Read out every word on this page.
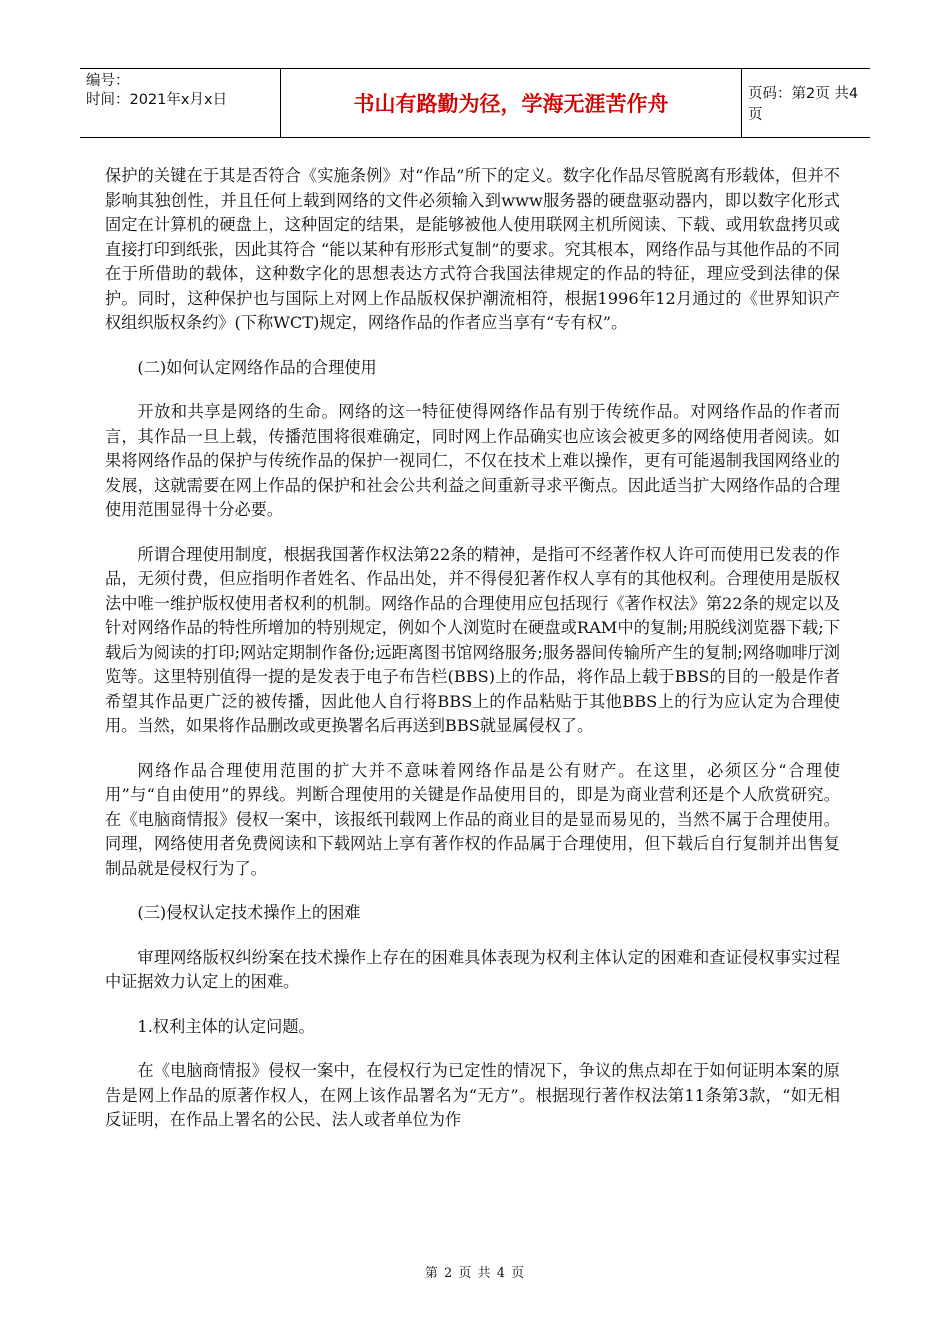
编号：
时间：2021年x月x日	书山有路勤为径，学海无涯苦作舟	页码：第2页 共4页

保护的关键在于其是否符合《实施条例》对“作品”所下的定义。数字化作品尽管脱离有形载体，但并不影响其独创性，并且任何上载到网络的文件必须输入到www服务器的硬盘驱动器内，即以数字化形式固定在计算机的硬盘上，这种固定的结果，是能够被他人使用联网主机所阅读、下载、或用软盘拷贝或直接打印到纸张，因此其符合 “能以某种有形形式复制”的要求。究其根本，网络作品与其他作品的不同在于所借助的载体，这种数字化的思想表达方式符合我国法律规定的作品的特征，理应受到法律的保护。同时，这种保护也与国际上对网上作品版权保护潮流相符，根据1996年12月通过的《世界知识产权组织版权条约》(下称WCT)规定，网络作品的作者应当享有“专有权”。

(二)如何认定网络作品的合理使用

开放和共享是网络的生命。网络的这一特征使得网络作品有别于传统作品。对网络作品的作者而言，其作品一旦上载，传播范围将很难确定，同时网上作品确实也应该会被更多的网络使用者阅读。如果将网络作品的保护与传统作品的保护一视同仁，不仅在技术上难以操作，更有可能遏制我国网络业的发展，这就需要在网上作品的保护和社会公共利益之间重新寻求平衡点。因此适当扩大网络作品的合理使用范围显得十分必要。

所谓合理使用制度，根据我国著作权法第22条的精神，是指可不经著作权人许可而使用已发表的作品，无须付费，但应指明作者姓名、作品出处，并不得侵犯著作权人享有的其他权利。合理使用是版权法中唯一维护版权使用者权利的机制。网络作品的合理使用应包括现行《著作权法》第22条的规定以及针对网络作品的特性所增加的特别规定，例如个人浏览时在硬盘或RAM中的复制;用脱线浏览器下载;下载后为阅读的打印;网站定期制作备份;远距离图书馆网络服务;服务器间传输所产生的复制;网络咖啡厅浏览等。这里特别值得一提的是发表于电子布告栏(BBS)上的作品，将作品上载于BBS的目的一般是作者希望其作品更广泛的被传播，因此他人自行将BBS上的作品粘贴于其他BBS上的行为应认定为合理使用。当然，如果将作品删改或更换署名后再送到BBS就显属侵权了。

网络作品合理使用范围的扩大并不意味着网络作品是公有财产。在这里，必须区分“合理使用”与“自由使用”的界线。判断合理使用的关键是作品使用目的，即是为商业营利还是个人欣赏研究。在《电脑商情报》侵权一案中，该报纸刊载网上作品的商业目的是显而易见的，当然不属于合理使用。同理，网络使用者免费阅读和下载网站上享有著作权的作品属于合理使用，但下载后自行复制并出售复制品就是侵权行为了。

(三)侵权认定技术操作上的困难

审理网络版权纠纷案在技术操作上存在的困难具体表现为权利主体认定的困难和查证侵权事实过程中证据效力认定上的困难。

1.权利主体的认定问题。

在《电脑商情报》侵权一案中，在侵权行为已定性的情况下，争议的焦点却在于如何证明本案的原告是网上作品的原著作权人，在网上该作品署名为“无方”。根据现行著作权法第11条第3款，“如无相反证明，在作品上署名的公民、法人或者单位为作

第 2 页 共 4 页
